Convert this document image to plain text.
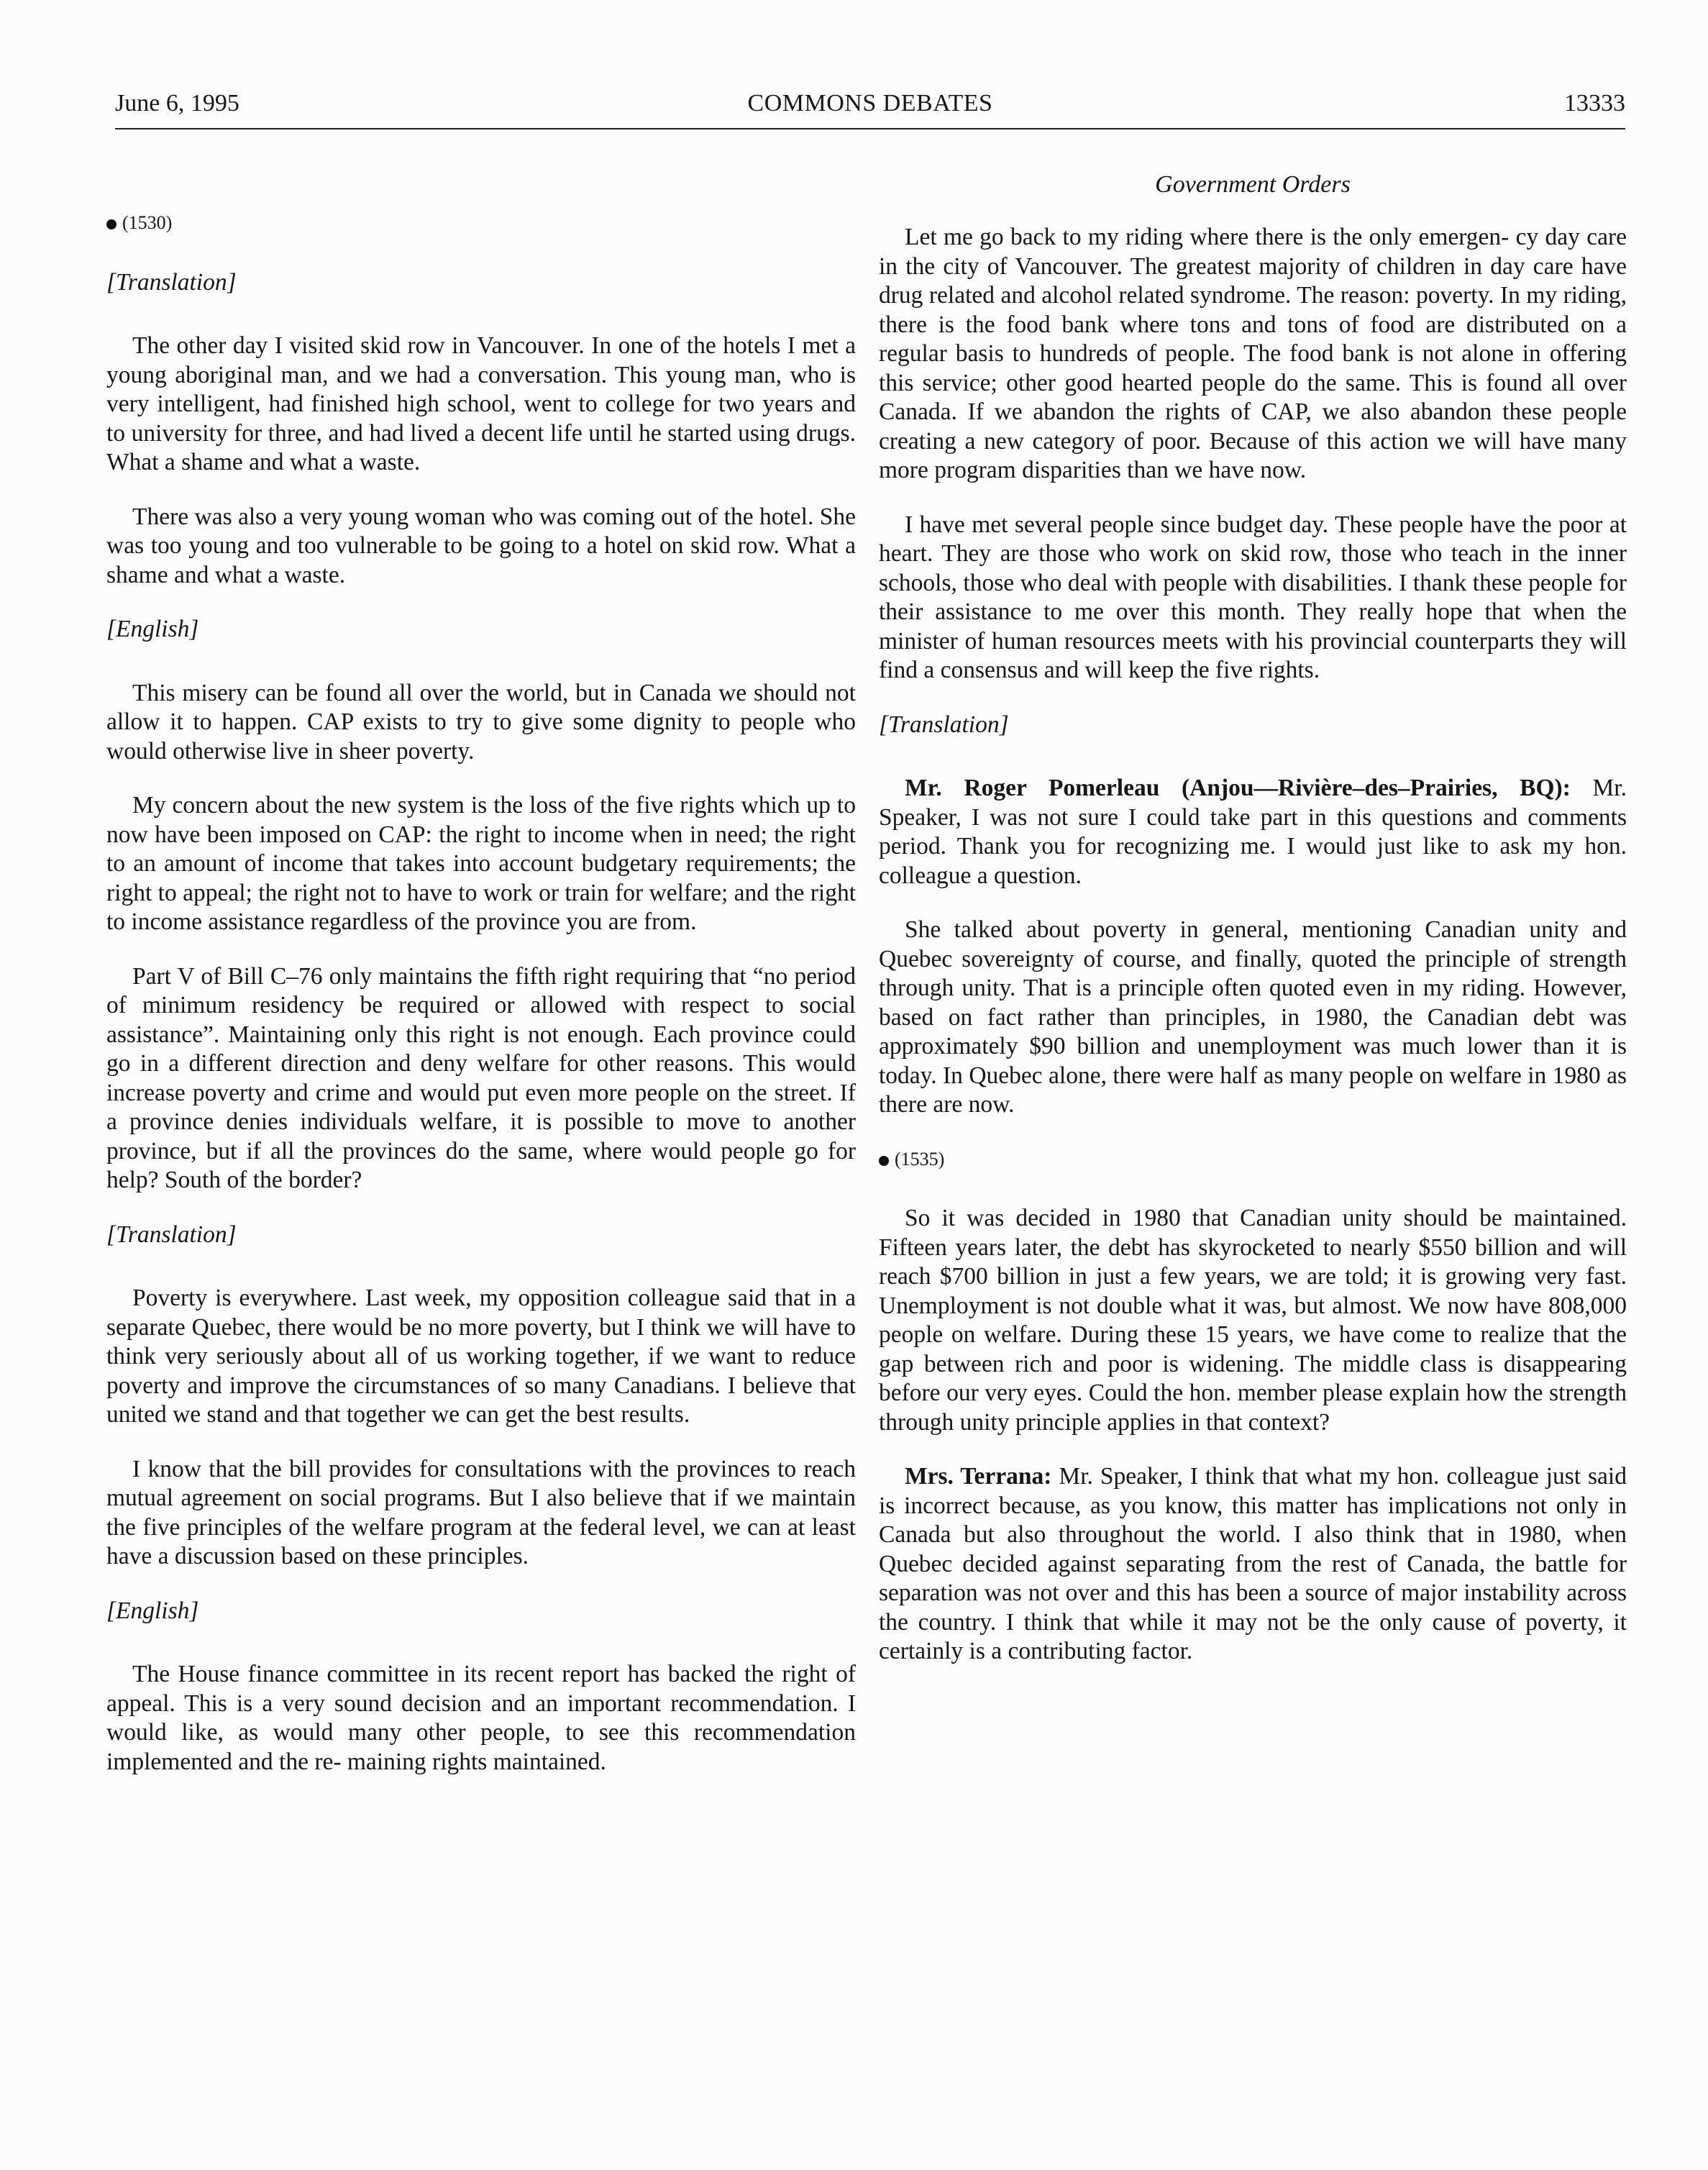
June 6, 1995	COMMONS DEBATES	13333
Government Orders

(1530)

[Translation]

The other day I visited skid row in Vancouver. In one of the hotels I met a young aboriginal man, and we had a conversation. This young man, who is very intelligent, had finished high school, went to college for two years and to university for three, and had lived a decent life until he started using drugs. What a shame and what a waste.

There was also a very young woman who was coming out of the hotel. She was too young and too vulnerable to be going to a hotel on skid row. What a shame and what a waste.

[English]

This misery can be found all over the world, but in Canada we should not allow it to happen. CAP exists to try to give some dignity to people who would otherwise live in sheer poverty.

My concern about the new system is the loss of the five rights which up to now have been imposed on CAP: the right to income when in need; the right to an amount of income that takes into account budgetary requirements; the right to appeal; the right not to have to work or train for welfare; and the right to income assistance regardless of the province you are from.

Part V of Bill C–76 only maintains the fifth right requiring that “no period of minimum residency be required or allowed with respect to social assistance”. Maintaining only this right is not enough. Each province could go in a different direction and deny welfare for other reasons. This would increase poverty and crime and would put even more people on the street. If a province denies individuals welfare, it is possible to move to another province, but if all the provinces do the same, where would people go for help? South of the border?

[Translation]

Poverty is everywhere. Last week, my opposition colleague said that in a separate Quebec, there would be no more poverty, but I think we will have to think very seriously about all of us working together, if we want to reduce poverty and improve the circumstances of so many Canadians. I believe that united we stand and that together we can get the best results.

I know that the bill provides for consultations with the provinces to reach mutual agreement on social programs. But I also believe that if we maintain the five principles of the welfare program at the federal level, we can at least have a discussion based on these principles.

[English]

The House finance committee in its recent report has backed the right of appeal. This is a very sound decision and an important recommendation. I would like, as would many other people, to see this recommendation implemented and the re- maining rights maintained.

Let me go back to my riding where there is the only emergen- cy day care in the city of Vancouver. The greatest majority of children in day care have drug related and alcohol related syndrome. The reason: poverty. In my riding, there is the food bank where tons and tons of food are distributed on a regular basis to hundreds of people. The food bank is not alone in offering this service; other good hearted people do the same. This is found all over Canada. If we abandon the rights of CAP, we also abandon these people creating a new category of poor. Because of this action we will have many more program disparities than we have now.

I have met several people since budget day. These people have the poor at heart. They are those who work on skid row, those who teach in the inner schools, those who deal with people with disabilities. I thank these people for their assistance to me over this month. They really hope that when the minister of human resources meets with his provincial counterparts they will find a consensus and will keep the five rights.

[Translation]

Mr. Roger Pomerleau (Anjou—Rivière–des–Prairies, BQ): Mr. Speaker, I was not sure I could take part in this questions and comments period. Thank you for recognizing me. I would just like to ask my hon. colleague a question.

She talked about poverty in general, mentioning Canadian unity and Quebec sovereignty of course, and finally, quoted the principle of strength through unity. That is a principle often quoted even in my riding. However, based on fact rather than principles, in 1980, the Canadian debt was approximately $90 billion and unemployment was much lower than it is today. In Quebec alone, there were half as many people on welfare in 1980 as there are now.

(1535)

So it was decided in 1980 that Canadian unity should be maintained. Fifteen years later, the debt has skyrocketed to nearly $550 billion and will reach $700 billion in just a few years, we are told; it is growing very fast. Unemployment is not double what it was, but almost. We now have 808,000 people on welfare. During these 15 years, we have come to realize that the gap between rich and poor is widening. The middle class is disappearing before our very eyes. Could the hon. member please explain how the strength through unity principle applies in that context?

Mrs. Terrana: Mr. Speaker, I think that what my hon. colleague just said is incorrect because, as you know, this matter has implications not only in Canada but also throughout the world. I also think that in 1980, when Quebec decided against separating from the rest of Canada, the battle for separation was not over and this has been a source of major instability across the country. I think that while it may not be the only cause of poverty, it certainly is a contributing factor.
